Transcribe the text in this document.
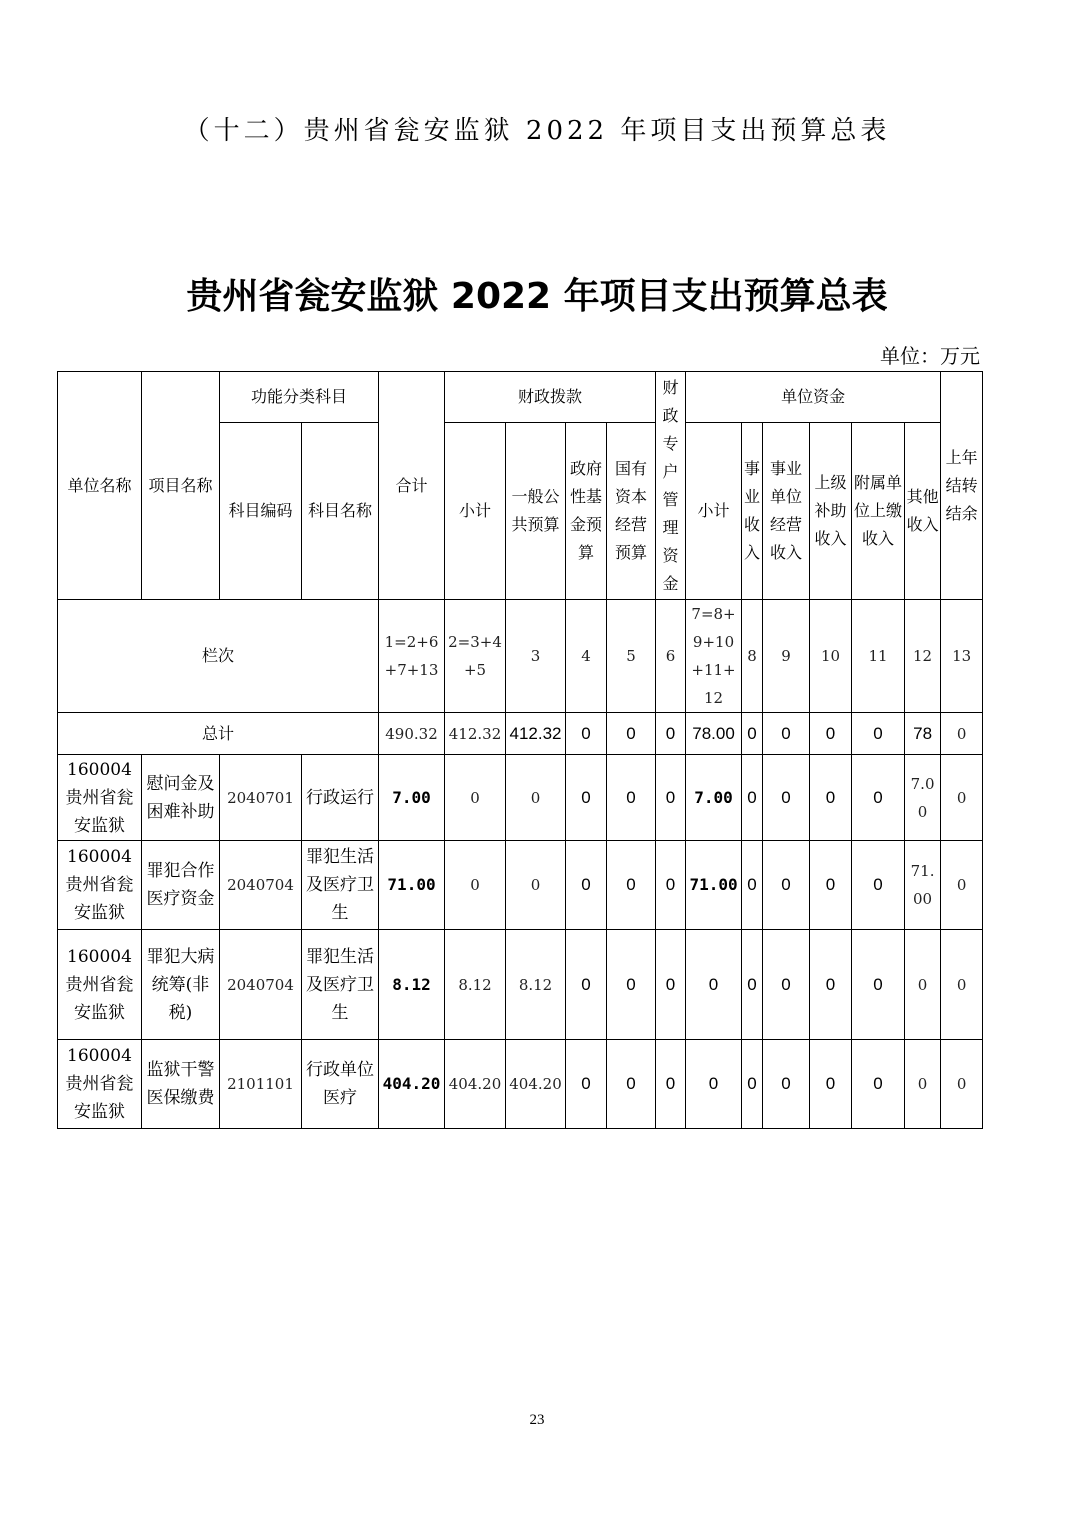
（十二）贵州省瓮安监狱 2022 年项目支出预算总表
贵州省瓮安监狱 2022 年项目支出预算总表
单位：万元
单位名称	项目名称	功能分类科目		合计	财政拨款				财政专户管理资金	单位资金						上年结转结余
		科目编码	科目名称		小计	一般公共预算	政府性基金预算	国有资本经营预算		小计	事业收入	事业单位经营收入	上级补助收入	附属单位上缴收入	其他收入	
栏次				1=2+6+7+13	2=3+4+5	3	4	5	6	7=8+9+10+11+12	8	9	10	11	12	13
总计				490.32	412.32	412.32	0	0	0	78.00	0	0	0	0	78	0
160004 贵州省瓮安监狱	慰问金及困难补助	2040701	行政运行	7.00	0	0	0	0	0	7.00	0	0	0	0	7.00	0
160004 贵州省瓮安监狱	罪犯合作医疗资金	2040704	罪犯生活及医疗卫生	71.00	0	0	0	0	0	71.00	0	0	0	0	71.00	0
160004 贵州省瓮安监狱	罪犯大病统筹(非税)	2040704	罪犯生活及医疗卫生	8.12	8.12	8.12	0	0	0	0	0	0	0	0	0	0
160004 贵州省瓮安监狱	监狱干警医保缴费	2101101	行政单位医疗	404.20	404.20	404.20	0	0	0	0	0	0	0	0	0	0
23
